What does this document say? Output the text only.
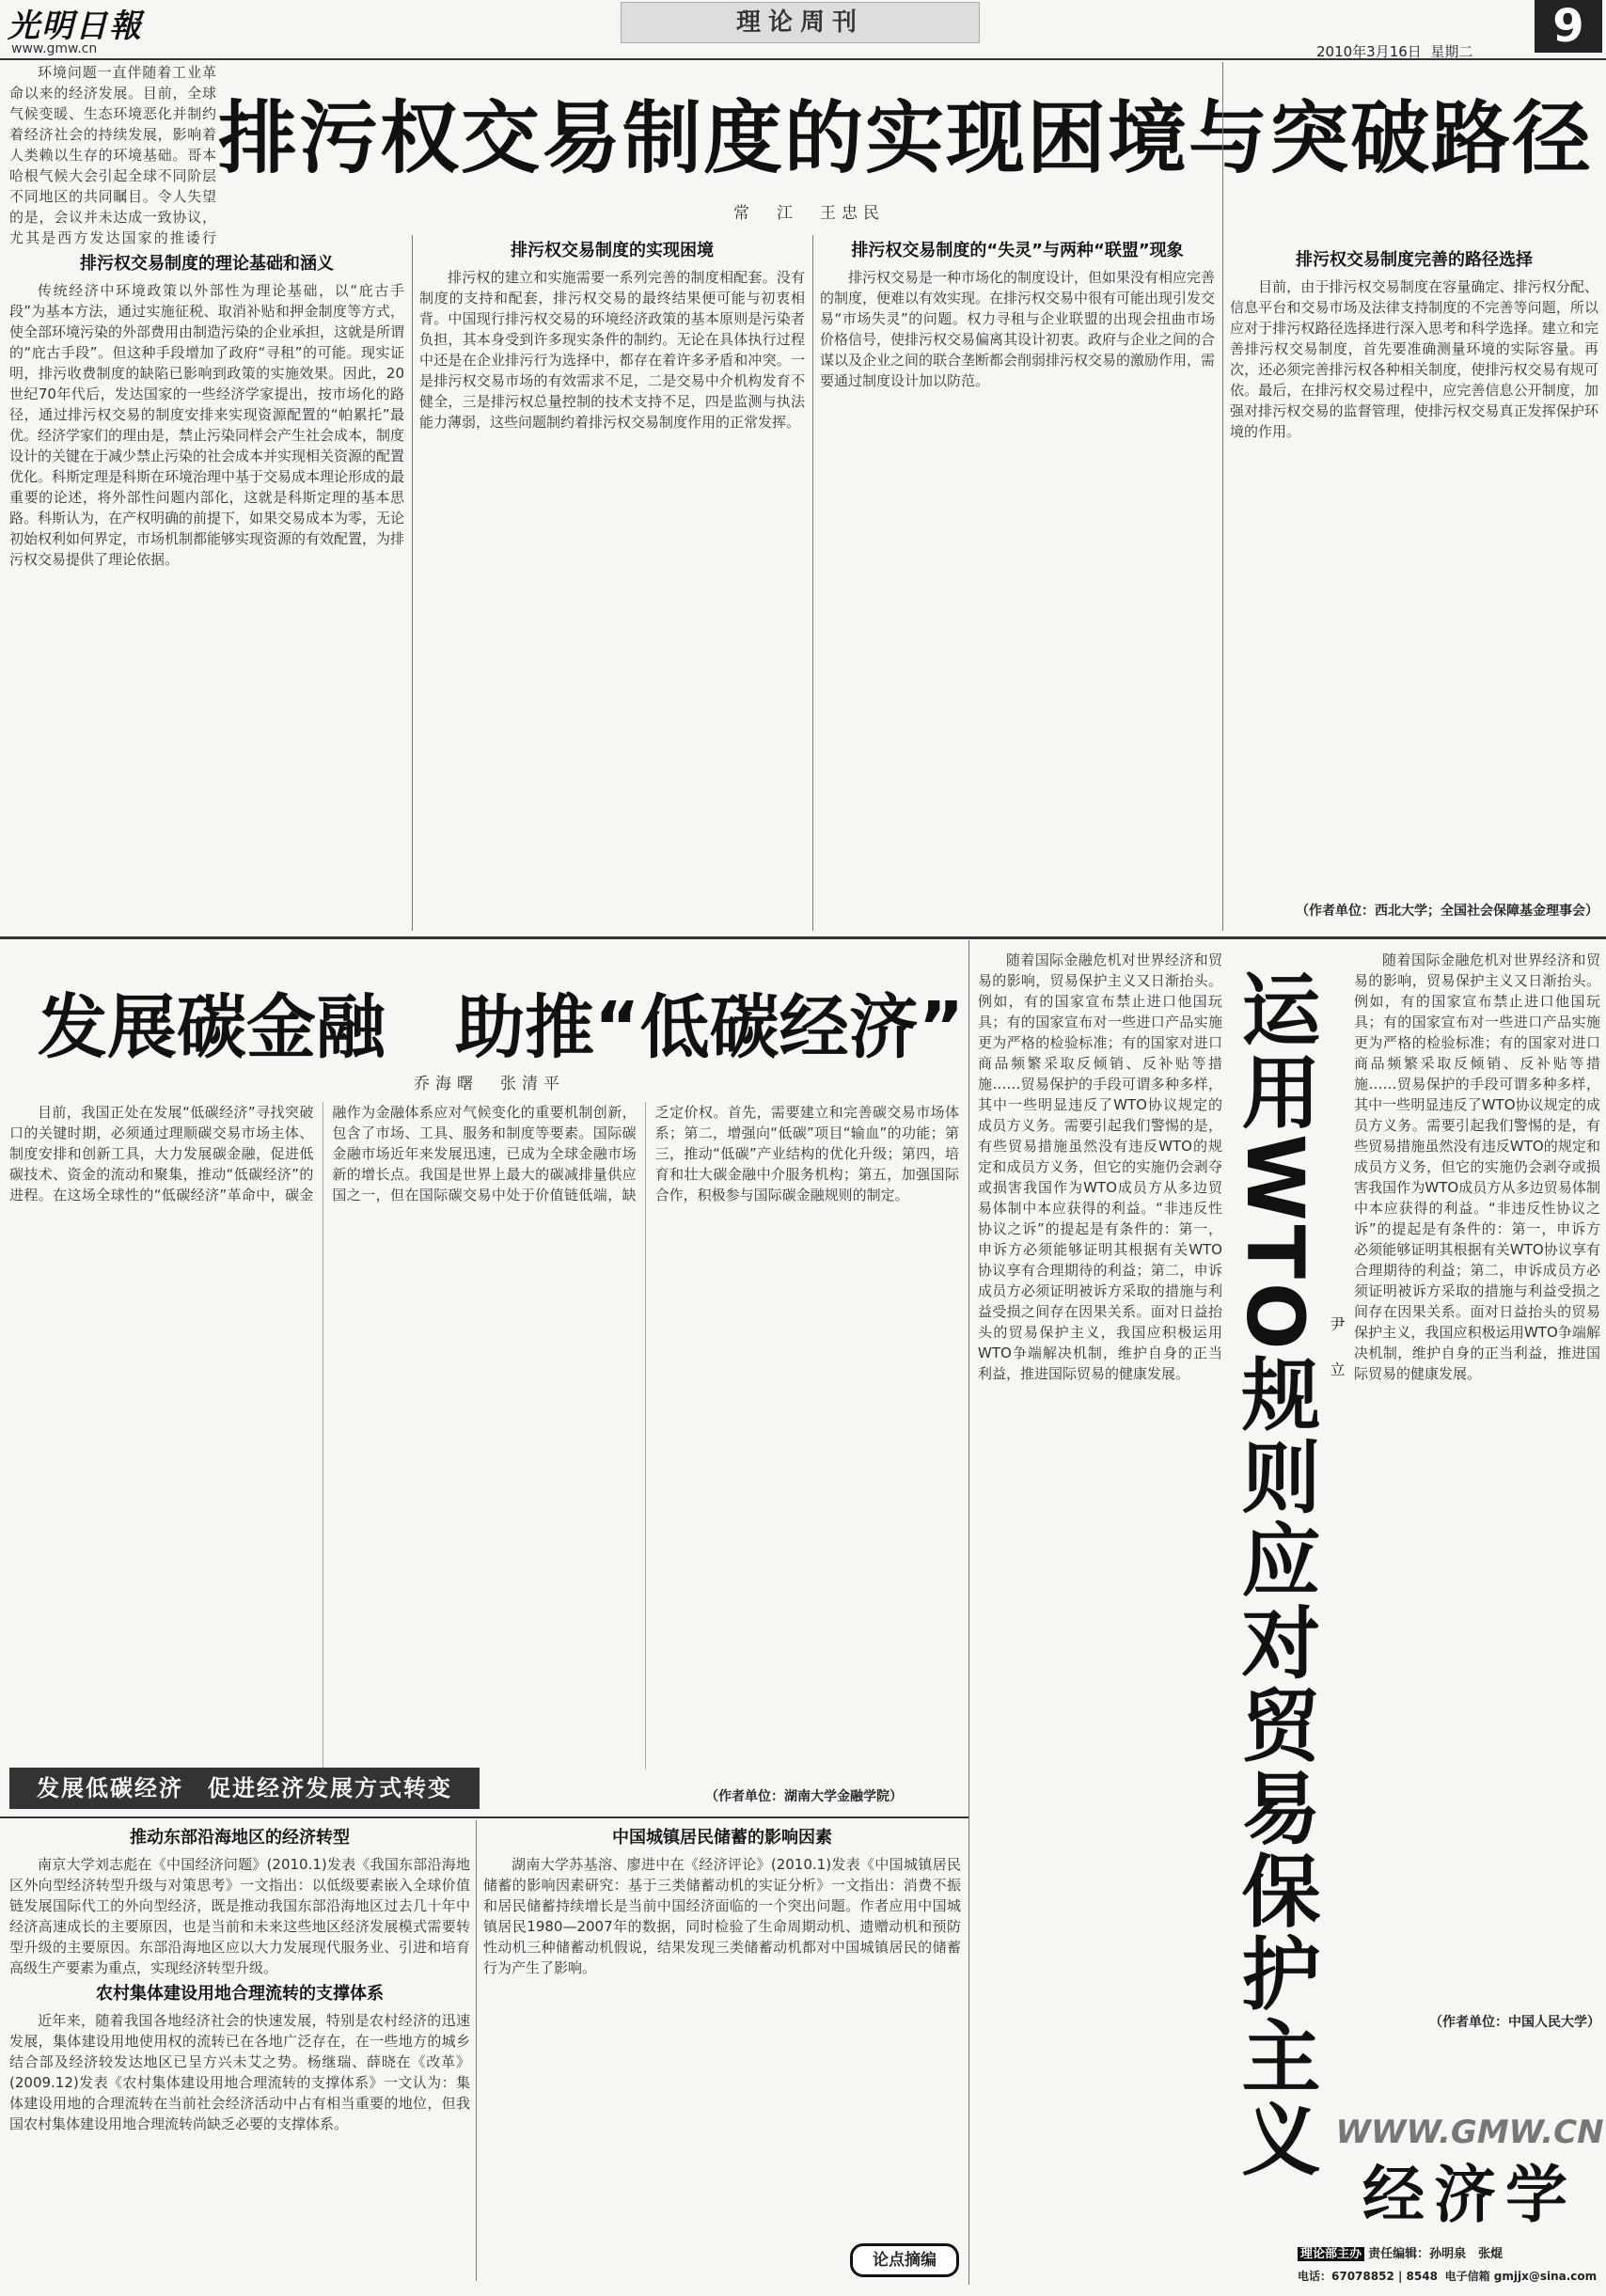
光明日報
www.gmw.cn
理论周刊	9
2010年3月16日 星期二
排污权交易制度的实现困境与突破路径
常　江　王忠民

环境问题一直伴随着工业革命以来的经济发展。目前，全球气候变暖、生态环境恶化并制约着经济社会的持续发展，影响着人类赖以生存的环境基础。哥本哈根气候大会引起全球不同阶层不同地区的共同瞩目。令人失望的是，会议并未达成一致协议，尤其是西方发达国家的推诿行

排污权交易制度的理论基础和涵义

传统经济中环境政策以外部性为理论基础，以“庇古手段”为基本方法，通过实施征税、取消补贴和押金制度等方式，使全部环境污染的外部费用由制造污染的企业承担，这就是所谓的“庇古手段”。但这种手段增加了政府“寻租”的可能。现实证明，排污收费制度的缺陷已影响到政策的实施效果。因此，20世纪70年代后，发达国家的一些经济学家提出，按市场化的路径，通过排污权交易的制度安排来实现资源配置的“帕累托”最优。经济学家们的理由是，禁止污染同样会产生社会成本，制度设计的关键在于减少禁止污染的社会成本并实现相关资源的配置优化。科斯定理是科斯在环境治理中基于交易成本理论形成的最重要的论述，将外部性问题内部化，这就是科斯定理的基本思路。科斯认为，在产权明确的前提下，如果交易成本为零，无论初始权利如何界定，市场机制都能够实现资源的有效配置，为排污权交易提供了理论依据。

排污权交易制度的实现困境

排污权的建立和实施需要一系列完善的制度相配套。没有制度的支持和配套，排污权交易的最终结果便可能与初衷相背。中国现行排污权交易的环境经济政策的基本原则是污染者负担，其本身受到许多现实条件的制约。无论在具体执行过程中还是在企业排污行为选择中，都存在着许多矛盾和冲突。一是排污权交易市场的有效需求不足，二是交易中介机构发育不健全，三是排污权总量控制的技术支持不足，四是监测与执法能力薄弱，这些问题制约着排污权交易制度作用的正常发挥。

排污权交易制度的“失灵”与两种“联盟”现象

排污权交易是一种市场化的制度设计，但如果没有相应完善的制度，便难以有效实现。在排污权交易中很有可能出现引发交易“市场失灵”的问题。权力寻租与企业联盟的出现会扭曲市场价格信号，使排污权交易偏离其设计初衷。政府与企业之间的合谋以及企业之间的联合垄断都会削弱排污权交易的激励作用，需要通过制度设计加以防范。

排污权交易制度完善的路径选择

目前，由于排污权交易制度在容量确定、排污权分配、信息平台和交易市场及法律支持制度的不完善等问题，所以应对于排污权路径选择进行深入思考和科学选择。建立和完善排污权交易制度，首先要准确测量环境的实际容量。再次，还必须完善排污权各种相关制度，使排污权交易有规可依。最后，在排污权交易过程中，应完善信息公开制度，加强对排污权交易的监督管理，使排污权交易真正发挥保护环境的作用。

（作者单位：西北大学；全国社会保障基金理事会）
发展碳金融　助推“低碳经济”
乔海曙　张清平

目前，我国正处在发展“低碳经济”寻找突破口的关键时期，必须通过理顺碳交易市场主体、制度安排和创新工具，大力发展碳金融，促进低碳技术、资金的流动和聚集，推动“低碳经济”的进程。在这场全球性的“低碳经济”革命中，碳金融作为金融体系应对气候变化的重要机制创新，包含了市场、工具、服务和制度等要素。国际碳金融市场近年来发展迅速，已成为全球金融市场新的增长点。我国是世界上最大的碳减排量供应国之一，但在国际碳交易中处于价值链低端，缺乏定价权。首先，需要建立和完善碳交易市场体系；第二，增强向“低碳”项目“输血”的功能；第三，推动“低碳”产业结构的优化升级；第四，培育和壮大碳金融中介服务机构；第五，加强国际合作，积极参与国际碳金融规则的制定。

发展低碳经济　促进经济发展方式转变	（作者单位：湖南大学金融学院）

随着国际金融危机对世界经济和贸易的影响，贸易保护主义又日渐抬头。例如，有的国家宣布禁止进口他国玩具；有的国家宣布对一些进口产品实施更为严格的检验标准；有的国家对进口商品频繁采取反倾销、反补贴等措施……贸易保护的手段可谓多种多样，其中一些明显违反了WTO协议规定的成员方义务。需要引起我们警惕的是，有些贸易措施虽然没有违反WTO的规定和成员方义务，但它的实施仍会剥夺或损害我国作为WTO成员方从多边贸易体制中本应获得的利益。“非违反性协议之诉”的提起是有条件的：第一，申诉方必须能够证明其根据有关WTO协议享有合理期待的利益；第二，申诉成员方必须证明被诉方采取的措施与利益受损之间存在因果关系。面对日益抬头的贸易保护主义，我国应积极运用WTO争端解决机制，维护自身的正当利益，推进国际贸易的健康发展。 运用WTO规则应对贸易保护主义 尹　立

随着国际金融危机对世界经济和贸易的影响，贸易保护主义又日渐抬头。例如，有的国家宣布禁止进口他国玩具；有的国家宣布对一些进口产品实施更为严格的检验标准；有的国家对进口商品频繁采取反倾销、反补贴等措施……贸易保护的手段可谓多种多样，其中一些明显违反了WTO协议规定的成员方义务。需要引起我们警惕的是，有些贸易措施虽然没有违反WTO的规定和成员方义务，但它的实施仍会剥夺或损害我国作为WTO成员方从多边贸易体制中本应获得的利益。“非违反性协议之诉”的提起是有条件的：第一，申诉方必须能够证明其根据有关WTO协议享有合理期待的利益；第二，申诉成员方必须证明被诉方采取的措施与利益受损之间存在因果关系。面对日益抬头的贸易保护主义，我国应积极运用WTO争端解决机制，维护自身的正当利益，推进国际贸易的健康发展。

（作者单位：中国人民大学）
推动东部沿海地区的经济转型

南京大学刘志彪在《中国经济问题》(2010.1)发表《我国东部沿海地区外向型经济转型升级与对策思考》一文指出：以低级要素嵌入全球价值链发展国际代工的外向型经济，既是推动我国东部沿海地区过去几十年中经济高速成长的主要原因，也是当前和未来这些地区经济发展模式需要转型升级的主要原因。东部沿海地区应以大力发展现代服务业、引进和培育高级生产要素为重点，实现经济转型升级。

农村集体建设用地合理流转的支撑体系

近年来，随着我国各地经济社会的快速发展，特别是农村经济的迅速发展，集体建设用地使用权的流转已在各地广泛存在，在一些地方的城乡结合部及经济较发达地区已呈方兴未艾之势。杨继瑞、薛晓在《改革》(2009.12)发表《农村集体建设用地合理流转的支撑体系》一文认为：集体建设用地的合理流转在当前社会经济活动中占有相当重要的地位，但我国农村集体建设用地合理流转尚缺乏必要的支撑体系。

中国城镇居民储蓄的影响因素

湖南大学苏基溶、廖进中在《经济评论》(2010.1)发表《中国城镇居民储蓄的影响因素研究：基于三类储蓄动机的实证分析》一文指出：消费不振和居民储蓄持续增长是当前中国经济面临的一个突出问题。作者应用中国城镇居民1980—2007年的数据，同时检验了生命周期动机、遗赠动机和预防性动机三种储蓄动机假说，结果发现三类储蓄动机都对中国城镇居民的储蓄行为产生了影响。

论点摘编
WWW.GMW.CN
经济学
理论部主办 责任编辑：孙明泉　张焜
电话：67078852 | 8548 电子信箱 gmjjx@sina.com
